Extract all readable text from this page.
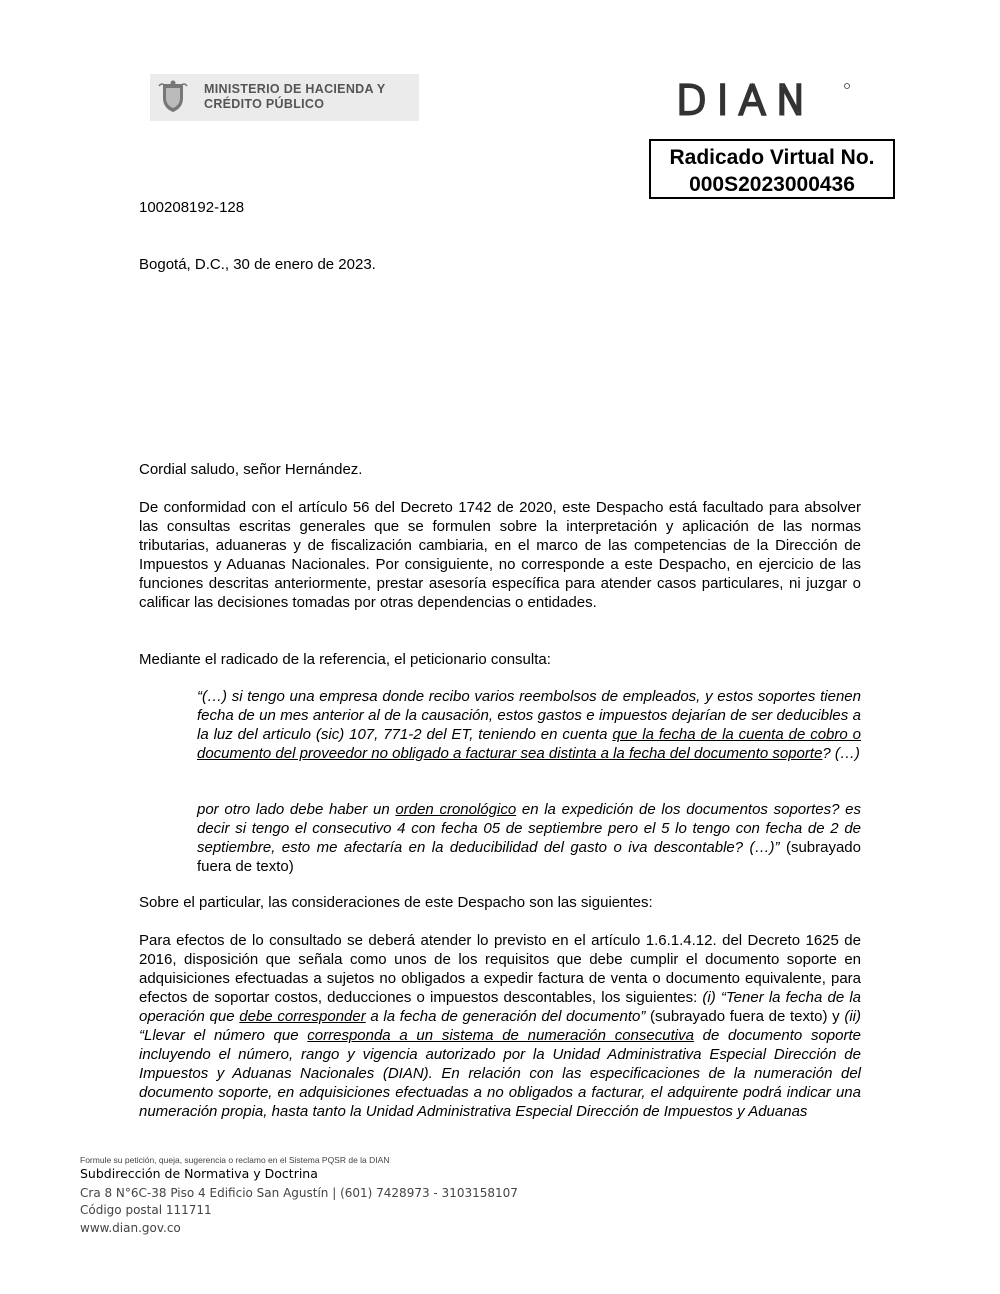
MINISTERIO DE HACIENDA Y
CRÉDITO PÚBLICO	DIAN
Radicado Virtual No.
000S2023000436
100208192-128
Bogotá, D.C., 30 de enero de 2023.
Cordial saludo, señor Hernández.

De conformidad con el artículo 56 del Decreto 1742 de 2020, este Despacho está facultado para absolver las consultas escritas generales que se formulen sobre la interpretación y aplicación de las normas tributarias, aduaneras y de fiscalización cambiaria, en el marco de las competencias de la Dirección de Impuestos y Aduanas Nacionales. Por consiguiente, no corresponde a este Despacho, en ejercicio de las funciones descritas anteriormente, prestar asesoría específica para atender casos particulares, ni juzgar o calificar las decisiones tomadas por otras dependencias o entidades.

Mediante el radicado de la referencia, el peticionario consulta:

“(…) si tengo una empresa donde recibo varios reembolsos de empleados, y estos soportes tienen fecha de un mes anterior al de la causación, estos gastos e impuestos dejarían de ser deducibles a la luz del articulo (sic) 107, 771-2 del ET, teniendo en cuenta que la fecha de la cuenta de cobro o documento del proveedor no obligado a facturar sea distinta a la fecha del documento soporte? (…)
por otro lado debe haber un orden cronológico en la expedición de los documentos soportes? es decir si tengo el consecutivo 4 con fecha 05 de septiembre pero el 5 lo tengo con fecha de 2 de septiembre, esto me afectaría en la deducibilidad del gasto o iva descontable? (…)” (subrayado fuera de texto)

Sobre el particular, las consideraciones de este Despacho son las siguientes:

Para efectos de lo consultado se deberá atender lo previsto en el artículo 1.6.1.4.12. del Decreto 1625 de 2016, disposición que señala como unos de los requisitos que debe cumplir el documento soporte en adquisiciones efectuadas a sujetos no obligados a expedir factura de venta o documento equivalente, para efectos de soportar costos, deducciones o impuestos descontables, los siguientes: (i) “Tener la fecha de la operación que debe corresponder a la fecha de generación del documento” (subrayado fuera de texto) y (ii) “Llevar el número que corresponda a un sistema de numeración consecutiva de documento soporte incluyendo el número, rango y vigencia autorizado por la Unidad Administrativa Especial Dirección de Impuestos y Aduanas Nacionales (DIAN). En relación con las especificaciones de la numeración del documento soporte, en adquisiciones efectuadas a no obligados a facturar, el adquirente podrá indicar una numeración propia, hasta tanto la Unidad Administrativa Especial Dirección de Impuestos y Aduanas

Formule su petición, queja, sugerencia o reclamo en el Sistema PQSR de la DIAN
Subdirección de Normativa y Doctrina
Cra 8 N°6C-38 Piso 4 Edificio San Agustín | (601) 7428973 - 3103158107
Código postal 111711
www.dian.gov.co
